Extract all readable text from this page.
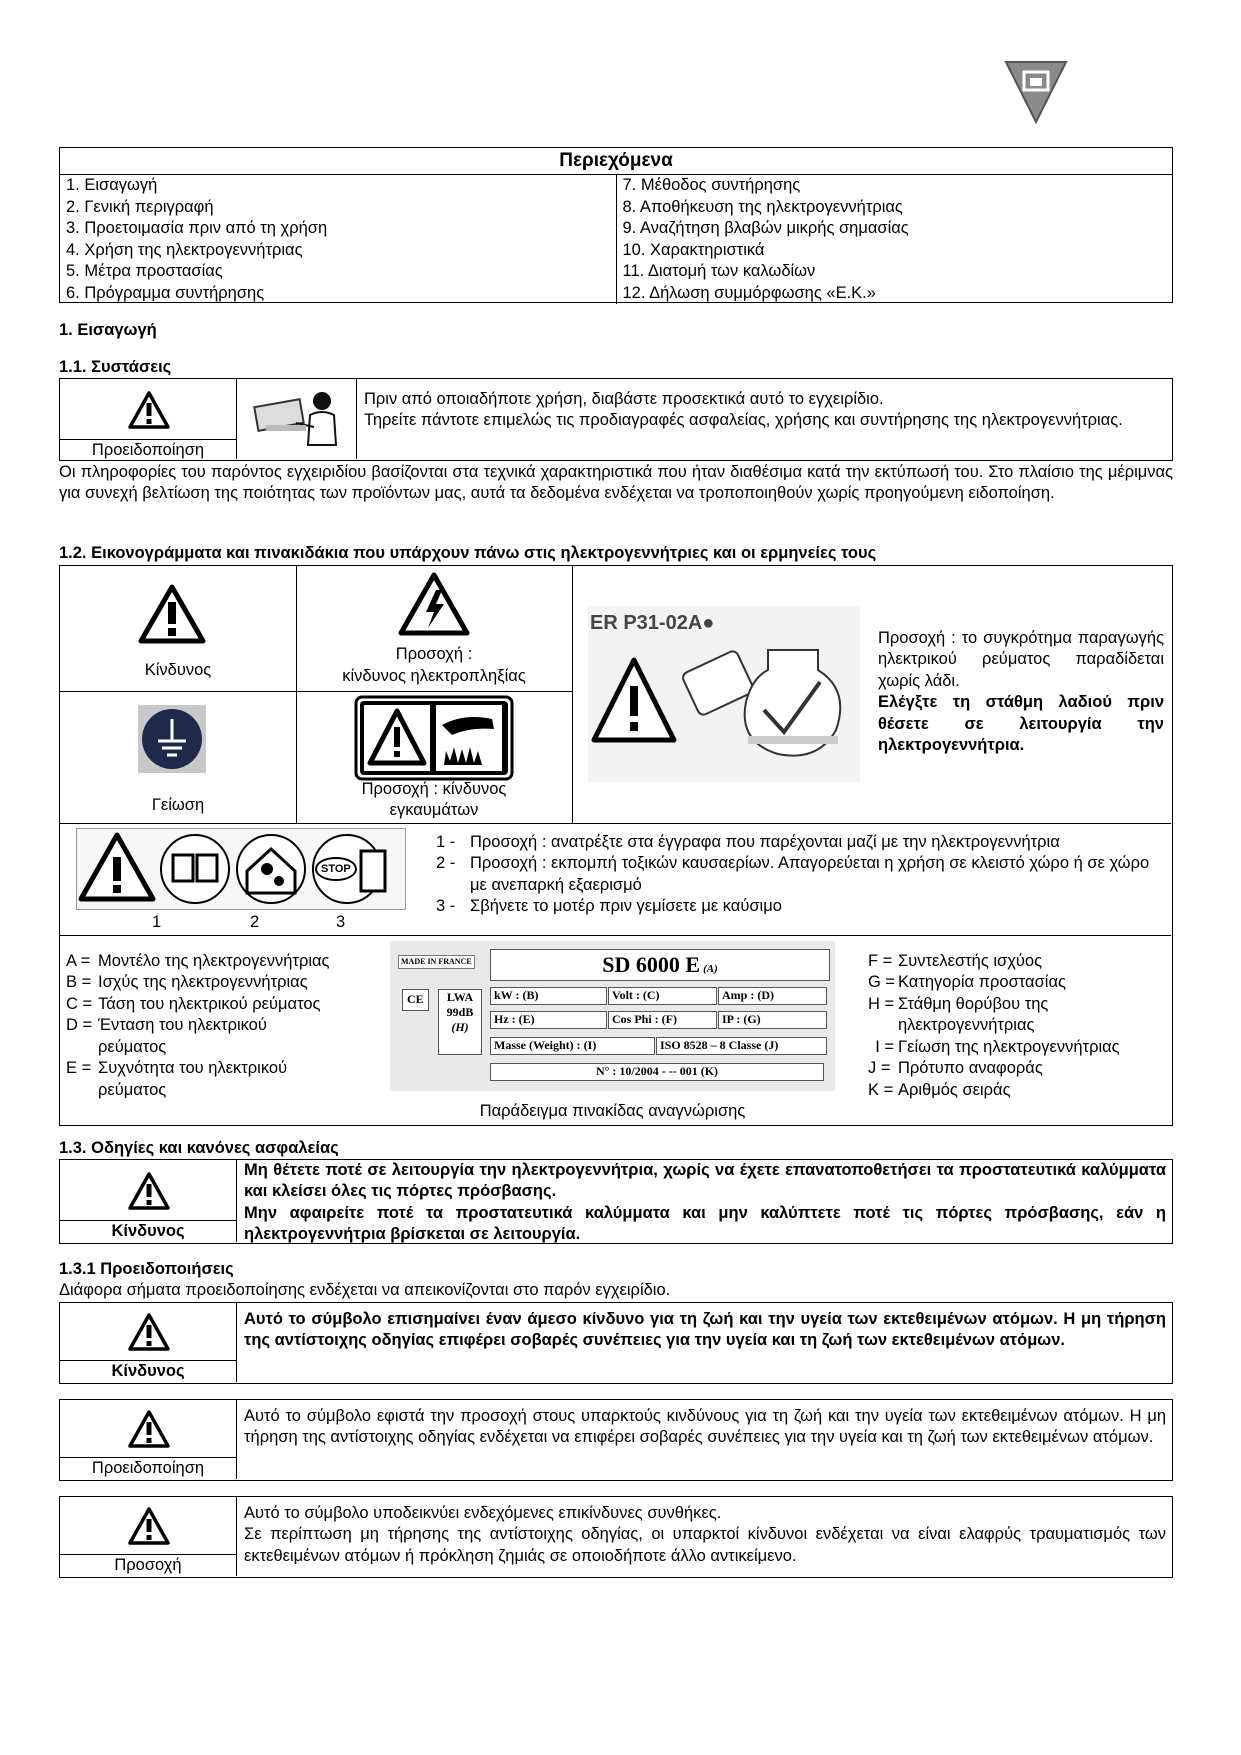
Περιεχόμενα
1. Εισαγωγή
2. Γενική περιγραφή
3. Προετοιμασία πριν από τη χρήση
4. Χρήση της ηλεκτρογεννήτριας
5. Μέτρα προστασίας
6. Πρόγραμμα συντήρησης

7. Μέθοδος συντήρησης
8. Αποθήκευση της ηλεκτρογεννήτριας
9. Αναζήτηση βλαβών μικρής σημασίας
10. Χαρακτηριστικά
11. Διατομή των καλωδίων
12. Δήλωση συμμόρφωσης «Ε.Κ.»
1. Εισαγωγή
1.1. Συστάσεις
Προειδοποίηση
Πριν από οποιαδήποτε χρήση, διαβάστε προσεκτικά αυτό το εγχειρίδιο.
Τηρείτε πάντοτε επιμελώς τις προδιαγραφές ασφαλείας, χρήσης και συντήρησης της ηλεκτρογεννήτριας.
Οι πληροφορίες του παρόντος εγχειριδίου βασίζονται στα τεχνικά χαρακτηριστικά που ήταν διαθέσιμα κατά την εκτύπωσή του. Στο πλαίσιο της μέριμνας για συνεχή βελτίωση της ποιότητας των προϊόντων μας, αυτά τα δεδομένα ενδέχεται να τροποποιηθούν χωρίς προηγούμενη ειδοποίηση.
1.2. Εικονογράμματα και πινακιδάκια που υπάρχουν πάνω στις ηλεκτρογεννήτριες και οι ερμηνείες τους
Κίνδυνος
Προσοχή :
κίνδυνος ηλεκτροπληξίας
Γείωση
Προσοχή : κίνδυνος
εγκαυμάτων
ER P31-02A●
Προσοχή : το συγκρότημα παραγωγής ηλεκτρικού ρεύματος παραδίδεται χωρίς λάδι.
Ελέγξτε τη στάθμη λαδιού πριν θέσετε σε λειτουργία την ηλεκτρογεννήτρια.
STOP
1	2	3
1 - Προσοχή : ανατρέξτε στα έγγραφα που παρέχονται μαζί με την ηλεκτρογεννήτρια
2 - Προσοχή : εκπομπή τοξικών καυσαερίων. Απαγορεύεται η χρήση σε κλειστό χώρο ή σε χώρο με ανεπαρκή εξαερισμό
3 - Σβήνετε το μοτέρ πριν γεμίσετε με καύσιμο
A = Μοντέλο της ηλεκτρογεννήτριας
B = Ισχύς της ηλεκτρογεννήτριας
C = Τάση του ηλεκτρικού ρεύματος
D = Ένταση του ηλεκτρικού ρεύματος
E = Συχνότητα του ηλεκτρικού ρεύματος
MADE IN FRANCE	SD 6000 E (A)
CE	LWA
99dB
(H)
kW : (B)	Volt : (C)	Amp : (D)
Hz : (E)	Cos Phi : (F)	IP : (G)
Masse (Weight) : (I)	ISO 8528 – 8 Classe (J)
N° : 10/2004 - -- 001 (K)
Παράδειγμα πινακίδας αναγνώρισης
F = Συντελεστής ισχύος
G = Κατηγορία προστασίας
H = Στάθμη θορύβου της ηλεκτρογεννήτριας
I = Γείωση της ηλεκτρογεννήτριας
J = Πρότυπο αναφοράς
K = Αριθμός σειράς
1.3. Οδηγίες και κανόνες ασφαλείας
Κίνδυνος
Μη θέτετε ποτέ σε λειτουργία την ηλεκτρογεννήτρια, χωρίς να έχετε επανατοποθετήσει τα προστατευτικά καλύμματα και κλείσει όλες τις πόρτες πρόσβασης.
Μην αφαιρείτε ποτέ τα προστατευτικά καλύμματα και μην καλύπτετε ποτέ τις πόρτες πρόσβασης, εάν η ηλεκτρογεννήτρια βρίσκεται σε λειτουργία.
1.3.1 Προειδοποιήσεις
Διάφορα σήματα προειδοποίησης ενδέχεται να απεικονίζονται στο παρόν εγχειρίδιο.
Κίνδυνος
Αυτό το σύμβολο επισημαίνει έναν άμεσο κίνδυνο για τη ζωή και την υγεία των εκτεθειμένων ατόμων. Η μη τήρηση της αντίστοιχης οδηγίας επιφέρει σοβαρές συνέπειες για την υγεία και τη ζωή των εκτεθειμένων ατόμων.
Προειδοποίηση
Αυτό το σύμβολο εφιστά την προσοχή στους υπαρκτούς κινδύνους για τη ζωή και την υγεία των εκτεθειμένων ατόμων. Η μη τήρηση της αντίστοιχης οδηγίας ενδέχεται να επιφέρει σοβαρές συνέπειες για την υγεία και τη ζωή των εκτεθειμένων ατόμων.
Προσοχή
Αυτό το σύμβολο υποδεικνύει ενδεχόμενες επικίνδυνες συνθήκες.
Σε περίπτωση μη τήρησης της αντίστοιχης οδηγίας, οι υπαρκτοί κίνδυνοι ενδέχεται να είναι ελαφρύς τραυματισμός των εκτεθειμένων ατόμων ή πρόκληση ζημιάς σε οποιοδήποτε άλλο αντικείμενο.
